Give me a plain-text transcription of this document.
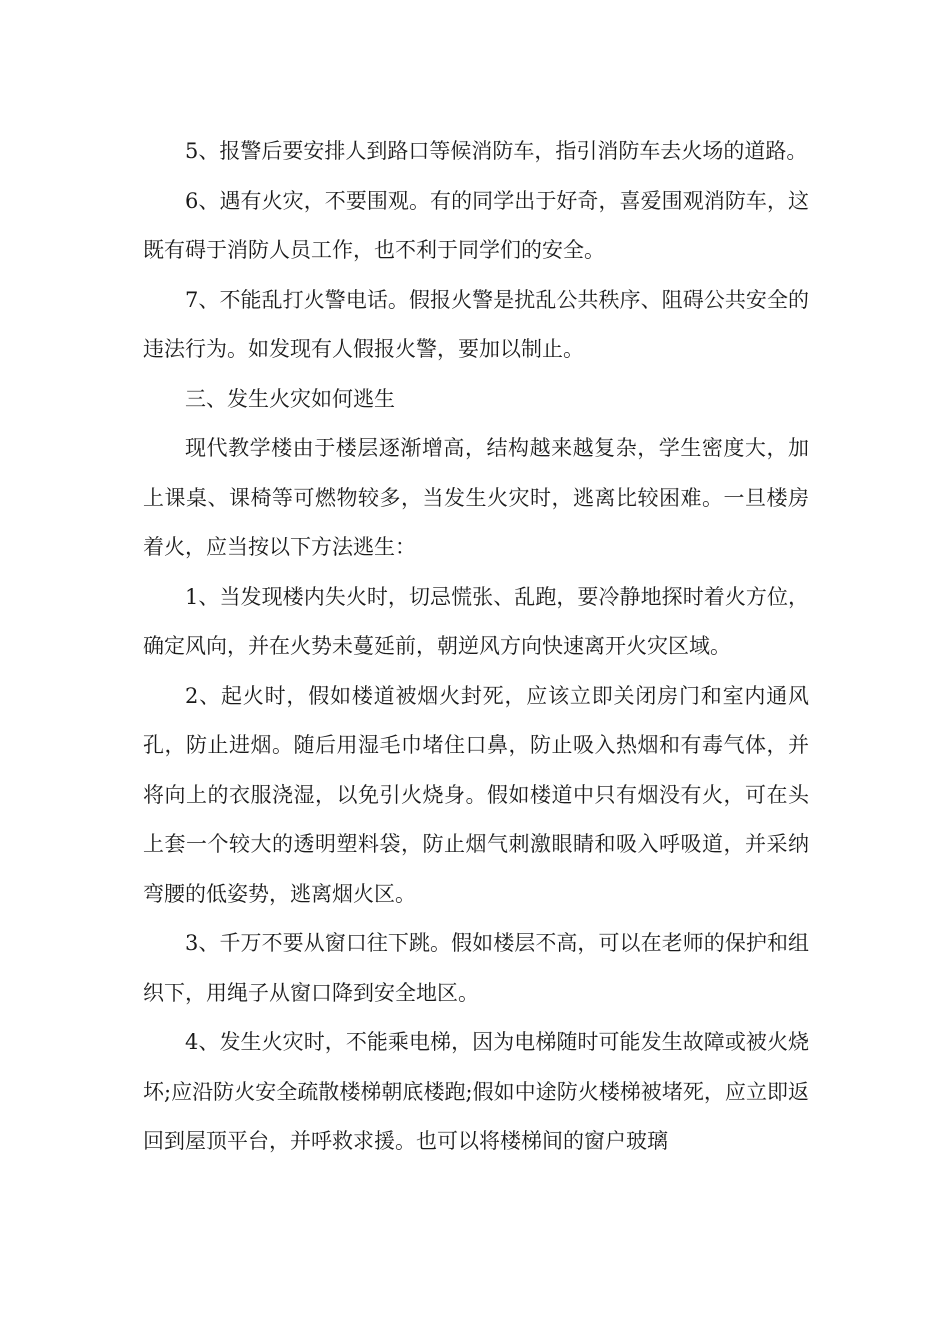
5、报警后要安排人到路口等候消防车，指引消防车去火场的道路。

6、遇有火灾，不要围观。有的同学出于好奇，喜爱围观消防车，这既有碍于消防人员工作，也不利于同学们的安全。

7、不能乱打火警电话。假报火警是扰乱公共秩序、阻碍公共安全的违法行为。如发现有人假报火警，要加以制止。

三、发生火灾如何逃生

现代教学楼由于楼层逐渐增高，结构越来越复杂，学生密度大，加上课桌、课椅等可燃物较多，当发生火灾时，逃离比较困难。一旦楼房着火，应当按以下方法逃生：

1、当发现楼内失火时，切忌慌张、乱跑，要冷静地探时着火方位，确定风向，并在火势未蔓延前，朝逆风方向快速离开火灾区域。

2、起火时，假如楼道被烟火封死，应该立即关闭房门和室内通风孔，防止进烟。随后用湿毛巾堵住口鼻，防止吸入热烟和有毒气体，并将向上的衣服浇湿，以免引火烧身。假如楼道中只有烟没有火，可在头上套一个较大的透明塑料袋，防止烟气刺激眼睛和吸入呼吸道，并采纳弯腰的低姿势，逃离烟火区。

3、千万不要从窗口往下跳。假如楼层不高，可以在老师的保护和组织下，用绳子从窗口降到安全地区。

4、发生火灾时，不能乘电梯，因为电梯随时可能发生故障或被火烧坏;应沿防火安全疏散楼梯朝底楼跑;假如中途防火楼梯被堵死，应立即返回到屋顶平台，并呼救求援。也可以将楼梯间的窗户玻璃
